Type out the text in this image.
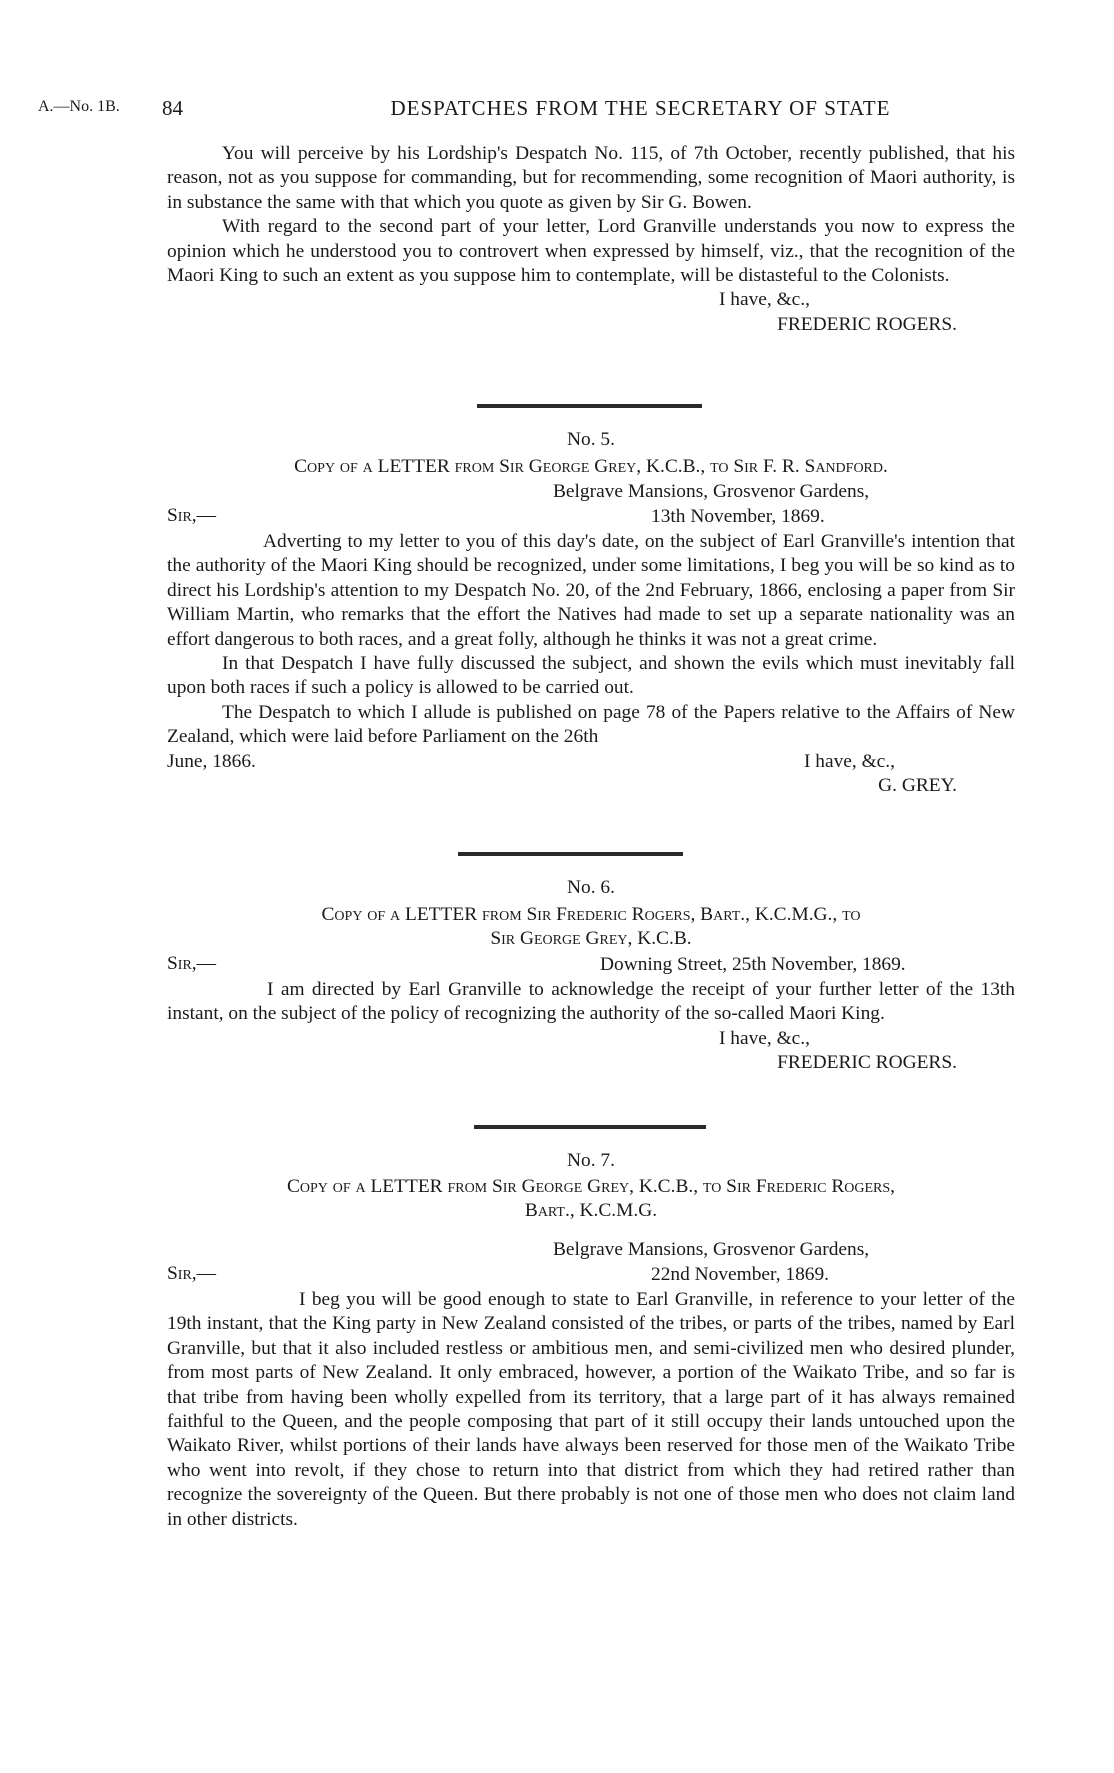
A.—No. 1B. 84	DESPATCHES FROM THE SECRETARY OF STATE

You will perceive by his Lordship's Despatch No. 115, of 7th October, recently published, that his reason, not as you suppose for commanding, but for recommending, some recognition of Maori authority, is in substance the same with that which you quote as given by Sir G. Bowen.

With regard to the second part of your letter, Lord Granville understands you now to express the opinion which he understood you to controvert when expressed by himself, viz., that the recognition of the Maori King to such an extent as you suppose him to contemplate, will be distasteful to the Colonists.

I have, &c.,

FREDERIC ROGERS.

No. 5.

Copy of a LETTER from Sir George Grey, K.C.B., to Sir F. R. Sandford.

Belgrave Mansions, Grosvenor Gardens,
Sir,—	13th November, 1869.

Adverting to my letter to you of this day's date, on the subject of Earl Granville's intention that the authority of the Maori King should be recognized, under some limitations, I beg you will be so kind as to direct his Lordship's attention to my Despatch No. 20, of the 2nd February, 1866, enclosing a paper from Sir William Martin, who remarks that the effort the Natives had made to set up a separate nationality was an effort dangerous to both races, and a great folly, although he thinks it was not a great crime.

In that Despatch I have fully discussed the subject, and shown the evils which must inevitably fall upon both races if such a policy is allowed to be carried out.

The Despatch to which I allude is published on page 78 of the Papers relative to the Affairs of New Zealand, which were laid before Parliament on the 26th

June, 1866.	I have, &c.,

G. GREY.

No. 6.

Copy of a LETTER from Sir Frederic Rogers, Bart., K.C.M.G., to

Sir George Grey, K.C.B.

Sir,—	Downing Street, 25th November, 1869.

I am directed by Earl Granville to acknowledge the receipt of your further letter of the 13th instant, on the subject of the policy of recognizing the authority of the so-called Maori King.

I have, &c.,

FREDERIC ROGERS.

No. 7.

Copy of a LETTER from Sir George Grey, K.C.B., to Sir Frederic Rogers,

Bart., K.C.M.G.

Belgrave Mansions, Grosvenor Gardens,
Sir,—	22nd November, 1869.

I beg you will be good enough to state to Earl Granville, in reference to your letter of the 19th instant, that the King party in New Zealand consisted of the tribes, or parts of the tribes, named by Earl Granville, but that it also included restless or ambitious men, and semi-civilized men who desired plunder, from most parts of New Zealand. It only embraced, however, a portion of the Waikato Tribe, and so far is that tribe from having been wholly expelled from its territory, that a large part of it has always remained faithful to the Queen, and the people composing that part of it still occupy their lands untouched upon the Waikato River, whilst portions of their lands have always been reserved for those men of the Waikato Tribe who went into revolt, if they chose to return into that district from which they had retired rather than recognize the sovereignty of the Queen. But there probably is not one of those men who does not claim land in other districts.
